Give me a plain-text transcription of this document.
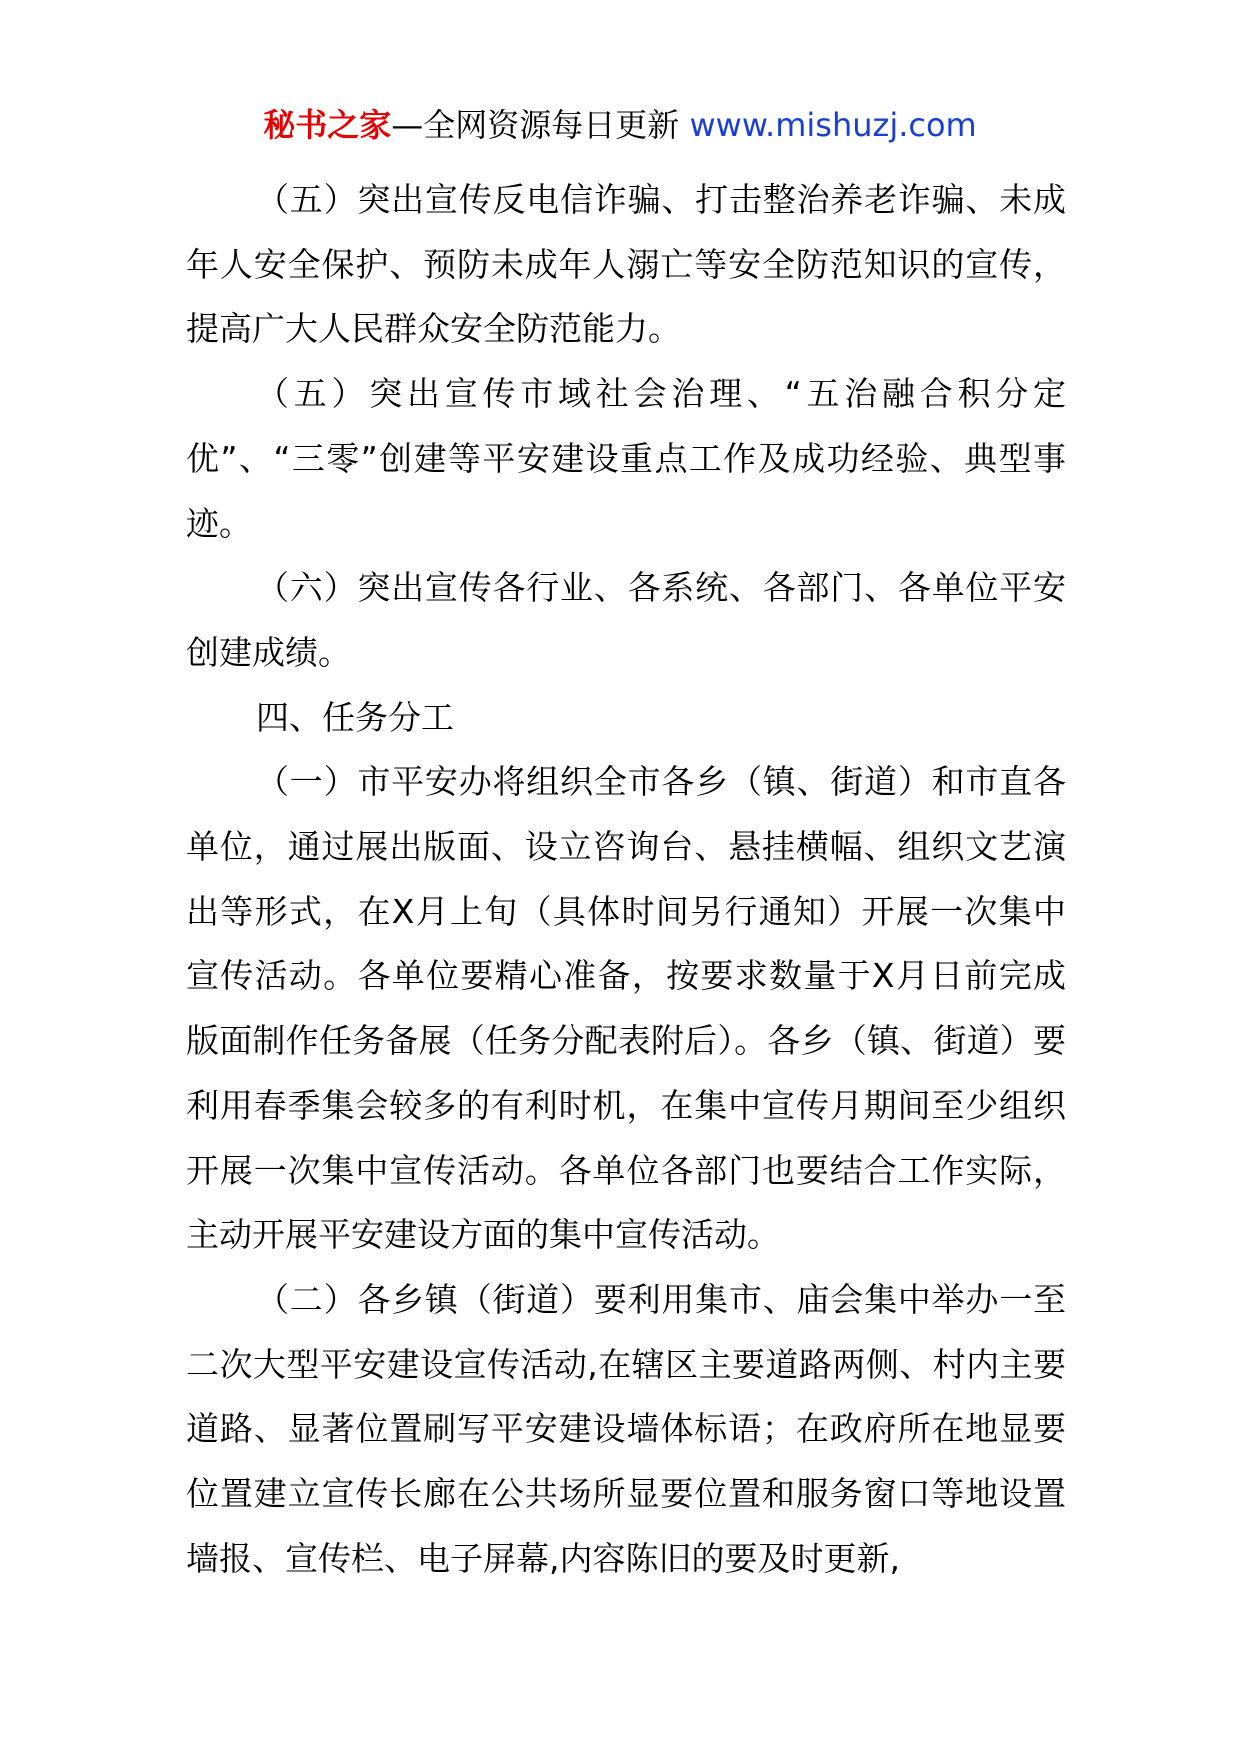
秘书之家—全网资源每日更新 www.mishuzj.com

（五）突出宣传反电信诈骗、打击整治养老诈骗、未成年人安全保护、预防未成年人溺亡等安全防范知识的宣传，提高广大人民群众安全防范能力。

（五）突出宣传市域社会治理、“五治融合积分定优”、“三零”创建等平安建设重点工作及成功经验、典型事迹。

（六）突出宣传各行业、各系统、各部门、各单位平安创建成绩。

四、任务分工

（一）市平安办将组织全市各乡（镇、街道）和市直各单位，通过展出版面、设立咨询台、悬挂横幅、组织文艺演出等形式，在X月上旬（具体时间另行通知）开展一次集中宣传活动。各单位要精心准备，按要求数量于X月日前完成版面制作任务备展（任务分配表附后）。各乡（镇、街道）要利用春季集会较多的有利时机，在集中宣传月期间至少组织开展一次集中宣传活动。各单位各部门也要结合工作实际，主动开展平安建设方面的集中宣传活动。

（二）各乡镇（街道）要利用集市、庙会集中举办一至二次大型平安建设宣传活动,在辖区主要道路两侧、村内主要道路、显著位置刷写平安建设墙体标语；在政府所在地显要位置建立宣传长廊在公共场所显要位置和服务窗口等地设置墙报、宣传栏、电子屏幕,内容陈旧的要及时更新,
